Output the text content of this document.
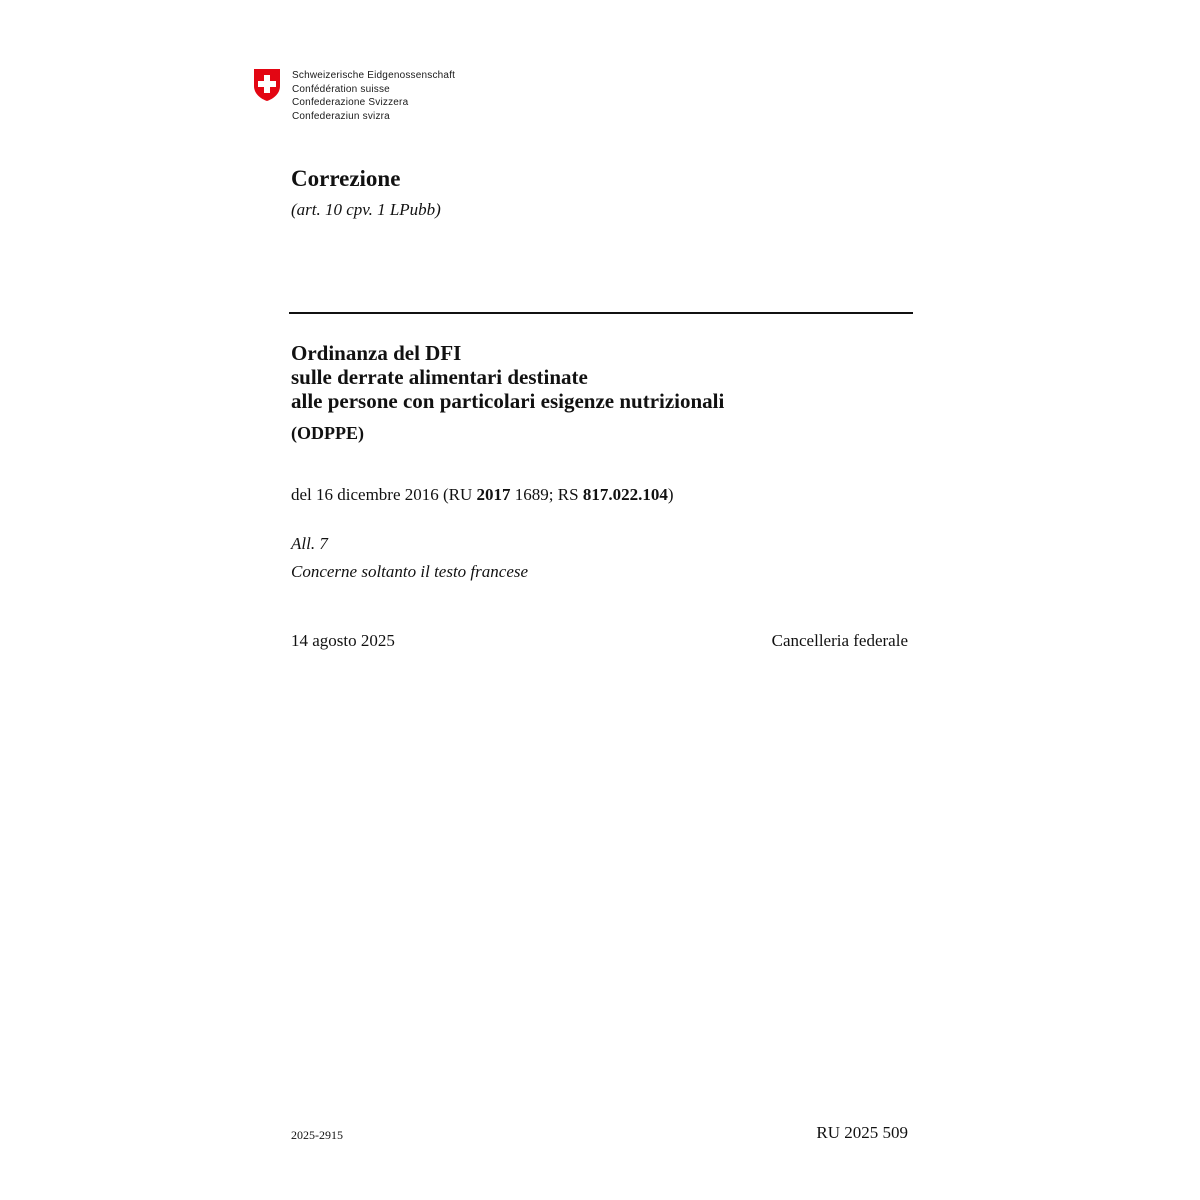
Schweizerische Eidgenossenschaft
Confédération suisse
Confederazione Svizzera
Confederaziun svizra
Correzione
(art. 10 cpv. 1 LPubb)
Ordinanza del DFI
sulle derrate alimentari destinate
alle persone con particolari esigenze nutrizionali
(ODPPE)
del 16 dicembre 2016 (RU 2017 1689; RS 817.022.104)
All. 7
Concerne soltanto il testo francese
14 agosto 2025	Cancelleria federale
2025-2915	RU 2025 509
